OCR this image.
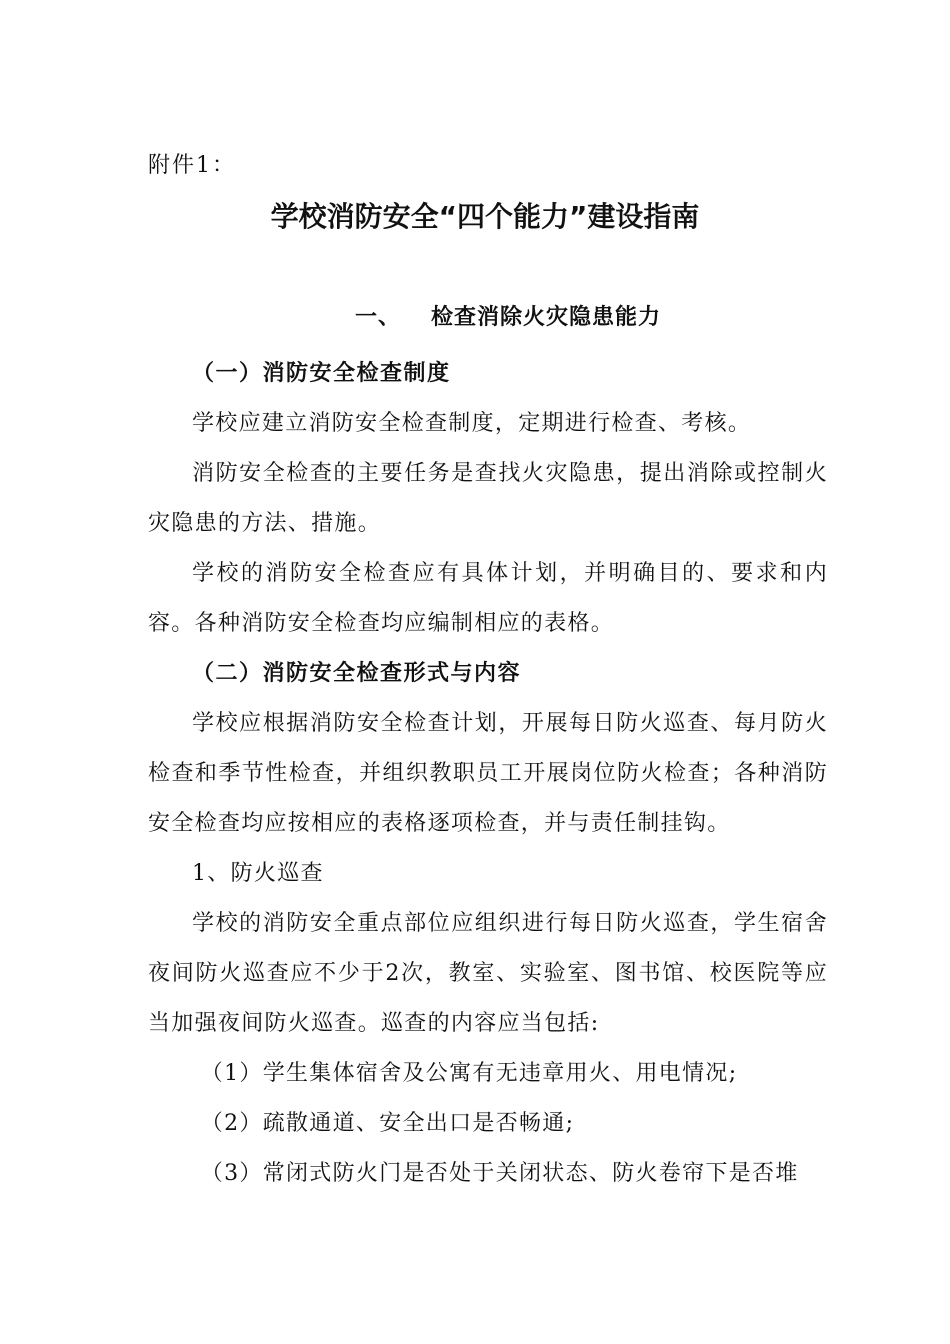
附件1：
学校消防安全“四个能力”建设指南
一、 检查消除火灾隐患能力

（一）消防安全检查制度

学校应建立消防安全检查制度，定期进行检查、考核。

消防安全检查的主要任务是查找火灾隐患，提出消除或控制火灾隐患的方法、措施。

学校的消防安全检查应有具体计划，并明确目的、要求和内容。各种消防安全检查均应编制相应的表格。

（二）消防安全检查形式与内容

学校应根据消防安全检查计划，开展每日防火巡查、每月防火检查和季节性检查，并组织教职员工开展岗位防火检查；各种消防安全检查均应按相应的表格逐项检查，并与责任制挂钩。

1、防火巡查

学校的消防安全重点部位应组织进行每日防火巡查，学生宿舍夜间防火巡查应不少于2次，教室、实验室、图书馆、校医院等应当加强夜间防火巡查。巡查的内容应当包括:

（1）学生集体宿舍及公寓有无违章用火、用电情况;

（2）疏散通道、安全出口是否畅通;

（3）常闭式防火门是否处于关闭状态、防火卷帘下是否堆
